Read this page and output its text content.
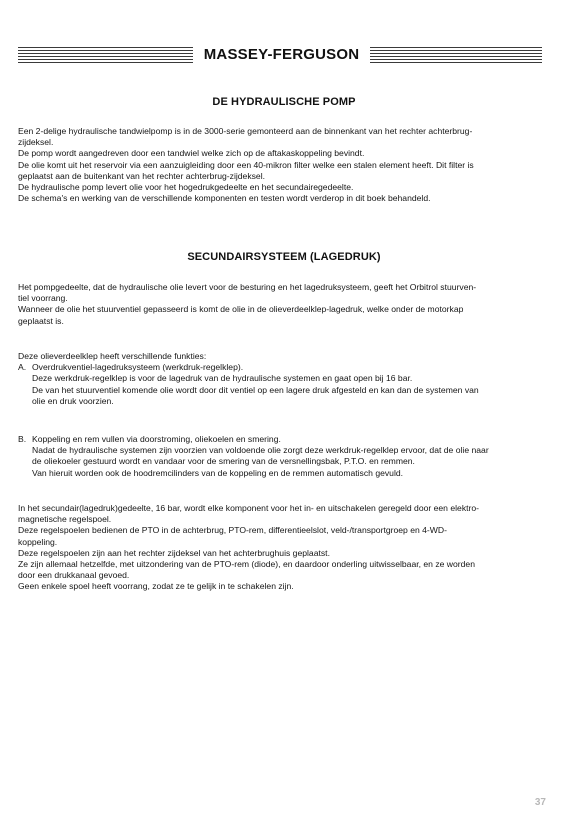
MASSEY-FERGUSON
DE HYDRAULISCHE POMP

Een 2-delige hydraulische tandwielpomp is in de 3000-serie gemonteerd aan de binnenkant van het rechter achterbrug-

zijdeksel.

De pomp wordt aangedreven door een tandwiel welke zich op de aftakaskoppeling bevindt.

De olie komt uit het reservoir via een aanzuigleiding door een 40-mikron filter welke een stalen element heeft. Dit filter is

geplaatst aan de buitenkant van het rechter achterbrug-zijdeksel.

De hydraulische pomp levert olie voor het hogedrukgedeelte en het secundairegedeelte.

De schema's en werking van de verschillende komponenten en testen wordt verderop in dit boek behandeld.

SECUNDAIRSYSTEEM (LAGEDRUK)

Het pompgedeelte, dat de hydraulische olie levert voor de besturing en het lagedruksysteem, geeft het Orbitrol stuurven-

tiel voorrang.

Wanneer de olie het stuurventiel gepasseerd is komt de olie in de olieverdeelklep-lagedruk, welke onder de motorkap

geplaatst is.

Deze olieverdeelklep heeft verschillende funkties:

A. Overdrukventiel-lagedruksysteem (werkdruk-regelklep).

Deze werkdruk-regelklep is voor de lagedruk van de hydraulische systemen en gaat open bij 16 bar.

De van het stuurventiel komende olie wordt door dit ventiel op een lagere druk afgesteld en kan dan de systemen van

olie en druk voorzien.

B. Koppeling en rem vullen via doorstroming, oliekoelen en smering.

Nadat de hydraulische systemen zijn voorzien van voldoende olie zorgt deze werkdruk-regelklep ervoor, dat de olie naar

de oliekoeler gestuurd wordt en vandaar voor de smering van de versnellingsbak, P.T.O. en remmen.

Van hieruit worden ook de hoodremcilinders van de koppeling en de remmen automatisch gevuld.

In het secundair(lagedruk)gedeelte, 16 bar, wordt elke komponent voor het in- en uitschakelen geregeld door een elektro-

magnetische regelspoel.

Deze regelspoelen bedienen de PTO in de achterbrug, PTO-rem, differentieelslot, veld-/transportgroep en 4-WD-

koppeling.

Deze regelspoelen zijn aan het rechter zijdeksel van het achterbrughuis geplaatst.

Ze zijn allemaal hetzelfde, met uitzondering van de PTO-rem (diode), en daardoor onderling uitwisselbaar, en ze worden

door een drukkanaal gevoed.

Geen enkele spoel heeft voorrang, zodat ze te gelijk in te schakelen zijn.

37
